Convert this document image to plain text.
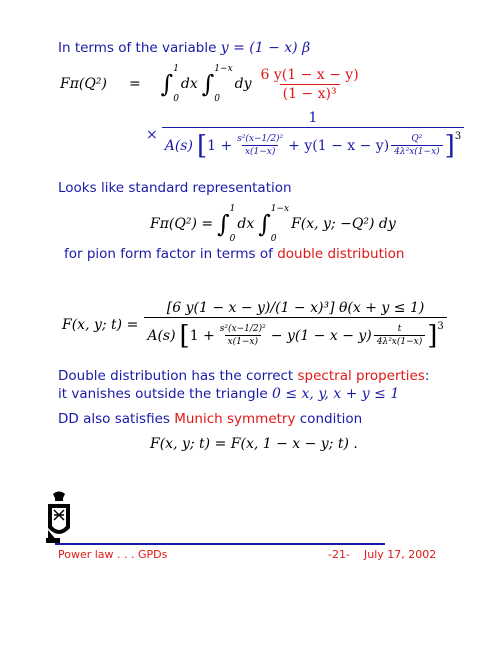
In terms of the variable y = (1 − x) β
Fπ(Q²) = ∫
1
0
dx ∫
1−x
0
dy $\frac{6 y(1 - x - y)}{\text{(1 − x)³}}$
×
1
A(s) [ $1 + \frac{\text{s²(x−1/2)²}}{x(1-x)} + y(1 - x - y) \frac{\text{Q²}}{\text{4λ²x(1−x)}} ]^3$
Looks like standard representation
Fπ(Q²) = ∫
1
0
dx ∫
1−x
0
F(x, y; −Q²) dy
for pion form factor in terms of double distribution
F(x, y; t) =
[6 y(1 − x − y)/(1 − x)³] θ(x + y ≤ 1)
A(s) [ $1 + \frac{\text{s²(x−1/2)²}}{x(1-x)} - y(1 - x - y) \frac{t}{\text{4λ²x(1−x)}} ]^3$
Double distribution has the correct spectral properties:
it vanishes outside the triangle 0 ≤ x, y, x + y ≤ 1
DD also satisfies Munich symmetry condition
F(x, y; t) = F(x, 1 − x − y; t) .
Power law . . . GPDs	-21- July 17, 2002
